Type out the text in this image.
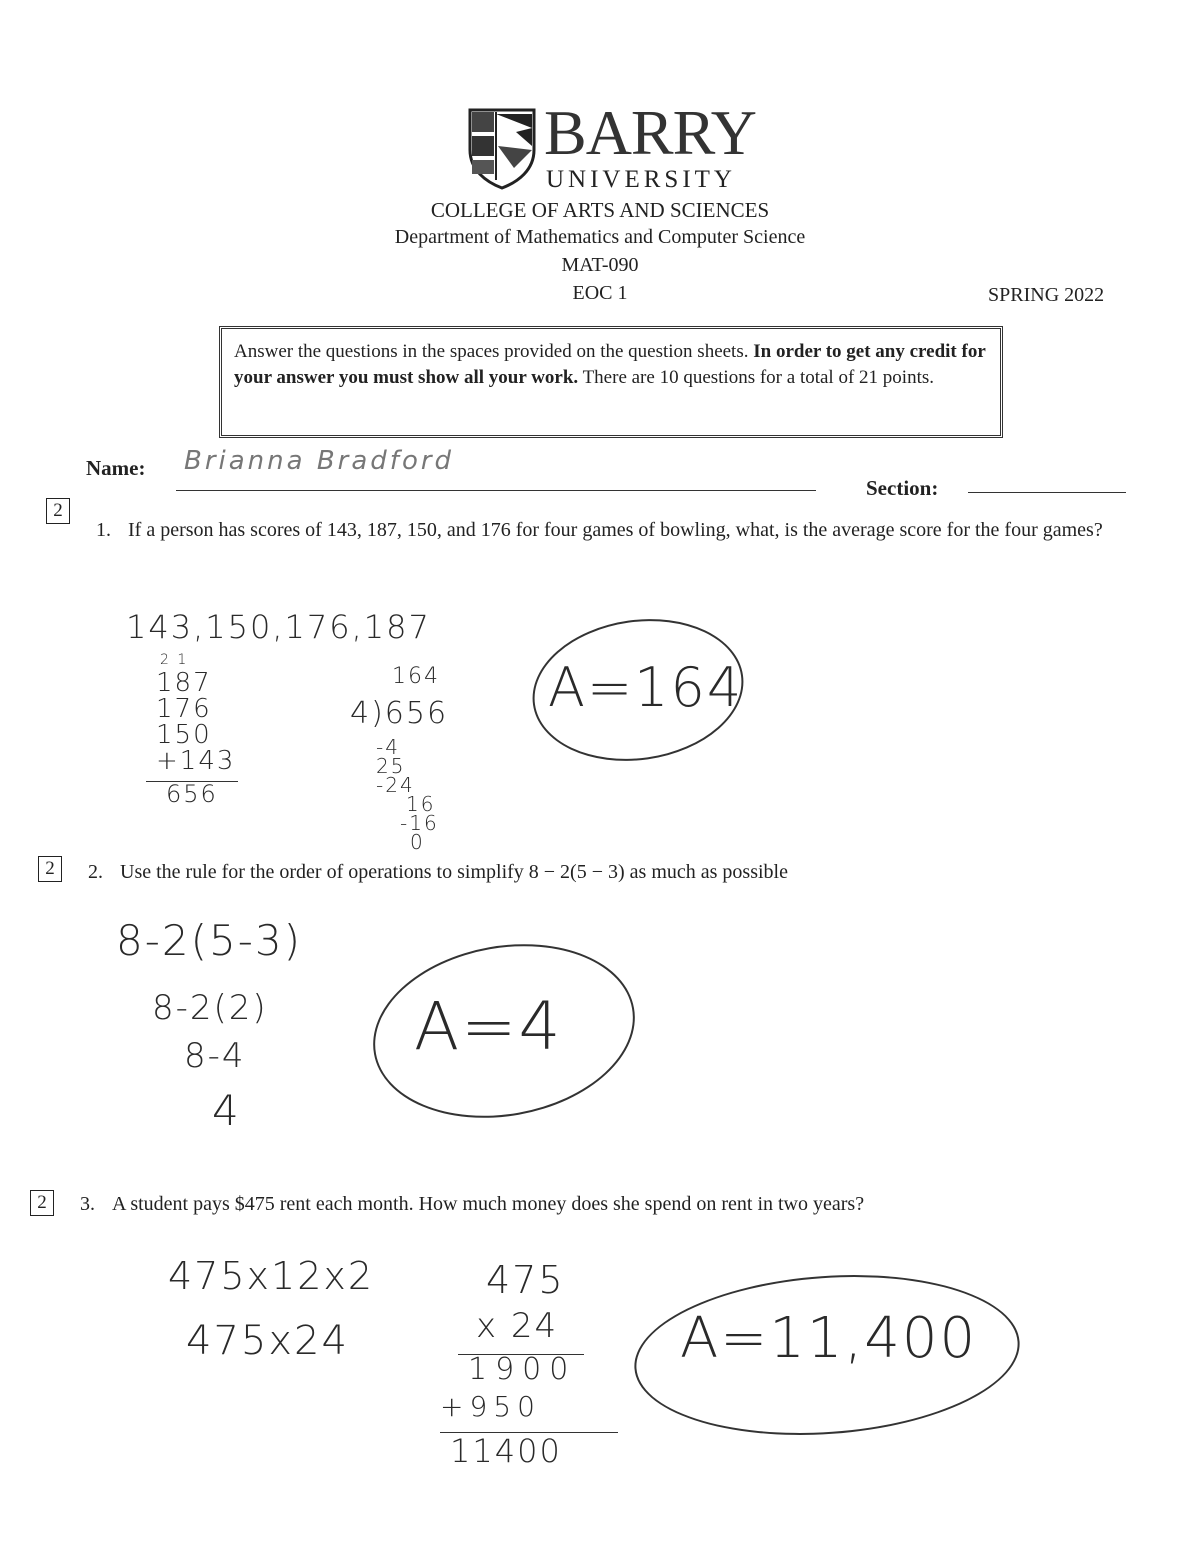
BARRY
UNIVERSITY
COLLEGE OF ARTS AND SCIENCES
Department of Mathematics and Computer Science
MAT-090
EOC 1	SPRING 2022
Answer the questions in the spaces provided on the question sheets. In order to get any credit for your answer you must show all your work. There are 10 questions for a total of 21 points.
Name: Brianna Bradford
Section:
2
1. If a person has scores of 143, 187, 150, and 176 for four games of bowling, what, is the average score for the four games?
143,150,176,187
2 1
187
176
150
+143
656
164
4)656
-4
25
-24
16
-16
0
A=164
2	2. Use the rule for the order of operations to simplify 8 − 2(5 − 3) as much as possible
8-2(5-3)
8-2(2)
8-4
4
A=4
2	3. A student pays $475 rent each month. How much money does she spend on rent in two years?
475x12x2
475x24
475
x 24
1900
+950
11400
A=11,400
